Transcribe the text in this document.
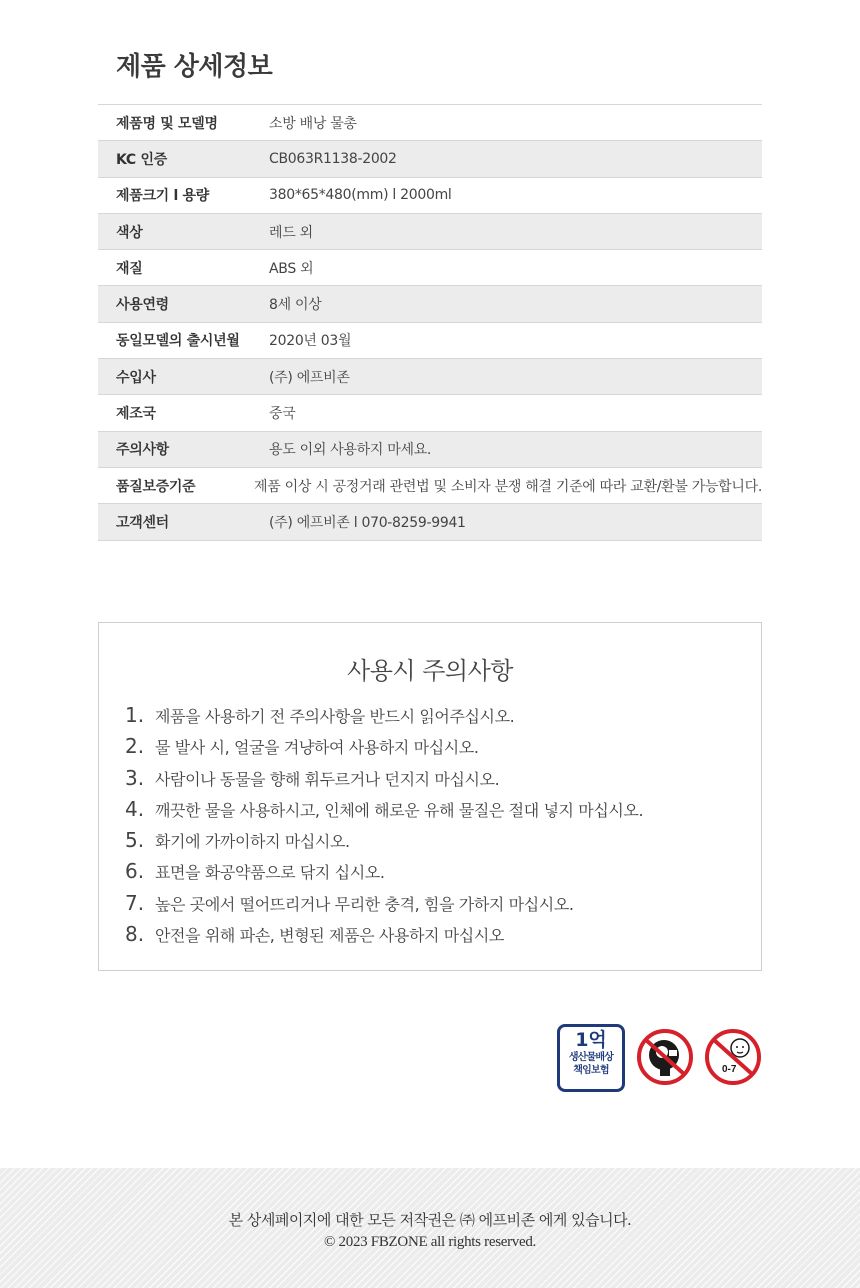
제품 상세정보
제품명 및 모델명	소방 배낭 물총
KC 인증	CB063R1138-2002
제품크기 l 용량	380*65*480(mm) l 2000ml
색상	레드 외
재질	ABS 외
사용연령	8세 이상
동일모델의 출시년월	2020년 03월
수입사	(주) 에프비존
제조국	중국
주의사항	용도 이외 사용하지 마세요.
품질보증기준	제품 이상 시 공정거래 관련법 및 소비자 분쟁 해결 기준에 따라 교환/환불 가능합니다.
고객센터	(주) 에프비존 l 070-8259-9941
사용시 주의사항
1. 제품을 사용하기 전 주의사항을 반드시 읽어주십시오.
2. 물 발사 시, 얼굴을 겨냥하여 사용하지 마십시오.
3. 사람이나 동물을 향해 휘두르거나 던지지 마십시오.
4. 깨끗한 물을 사용하시고, 인체에 해로운 유해 물질은 절대 넣지 마십시오.
5. 화기에 가까이하지 마십시오.
6. 표면을 화공약품으로 닦지 십시오.
7. 높은 곳에서 떨어뜨리거나 무리한 충격, 힘을 가하지 마십시오.
8. 안전을 위해 파손, 변형된 제품은 사용하지 마십시오
1억
생산물배상
책임보험	0-7
본 상세페이지에 대한 모든 저작권은 ㈜ 에프비존 에게 있습니다.
© 2023 FBZONE all rights reserved.
